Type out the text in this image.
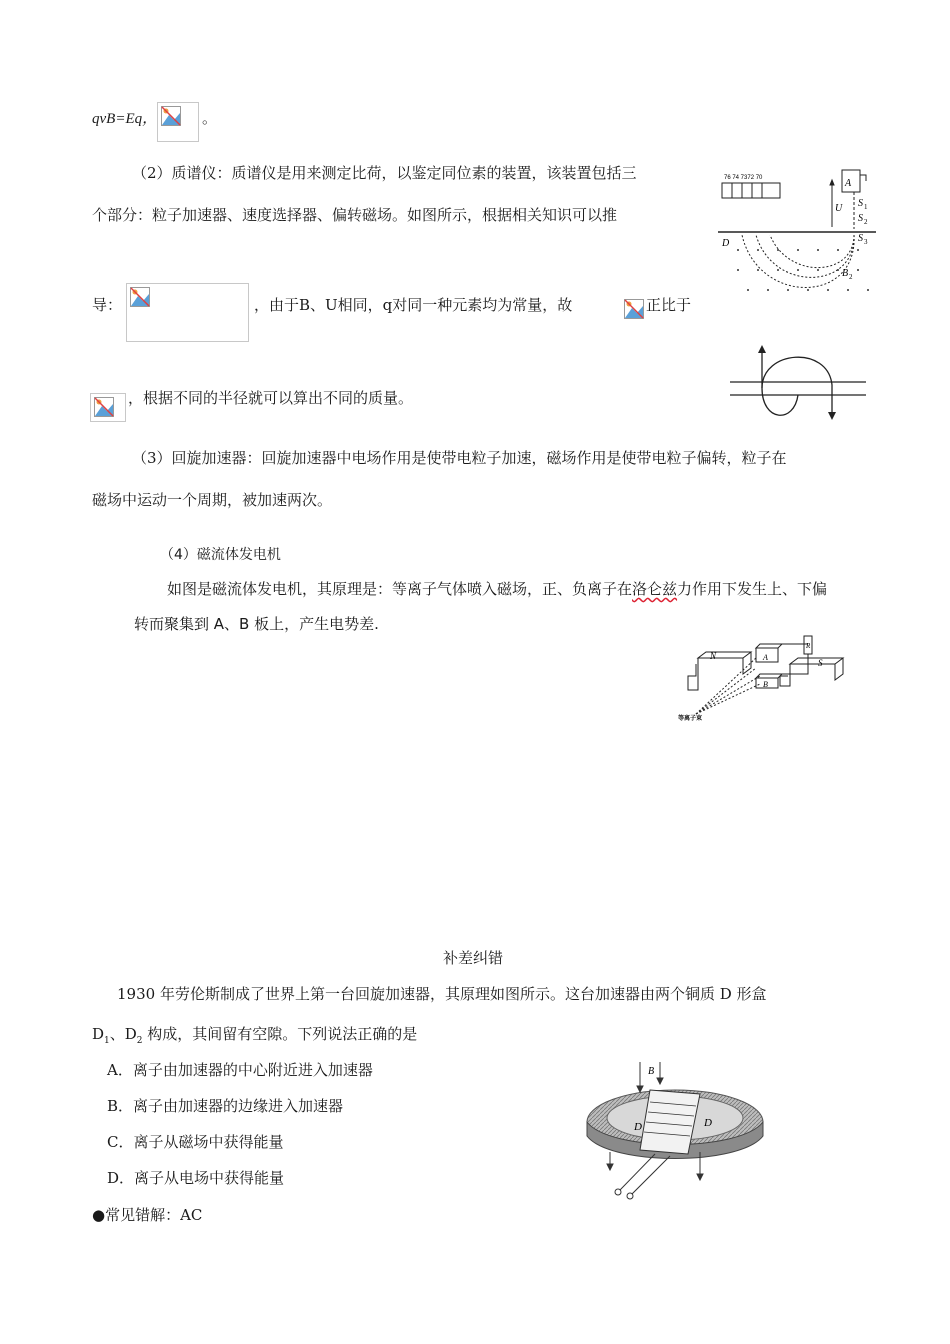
qvB=Eq，	。
（2）质谱仪：质谱仪是用来测定比荷，以鉴定同位素的装置，该装置包括三
个部分：粒子加速器、速度选择器、偏转磁场。如图所示，根据相关知识可以推
导：	，由于B、U相同，q对同一种元素均为常量，故	正比于
，根据不同的半径就可以算出不同的质量。
76 74 7372 70	A
U S 1
S 2
S 3
D
B 2
（3）回旋加速器：回旋加速器中电场作用是使带电粒子加速，磁场作用是使带电粒子偏转，粒子在
磁场中运动一个周期，被加速两次。
（4）磁流体发电机
如图是磁流体发电机，其原理是：等离子气体喷入磁场，正、负离子在洛仑兹力作用下发生上、下偏
转而聚集到 A、B 板上，产生电势差.
N
S
A
B
R
等离子束
补差纠错
1930 年劳伦斯制成了世界上第一台回旋加速器，其原理如图所示。这台加速器由两个铜质 D 形盒
$D_1$、$D_2$ 构成，其间留有空隙。下列说法正确的是
A．离子由加速器的中心附近进入加速器
B．离子由加速器的边缘进入加速器
C．离子从磁场中获得能量
D．离子从电场中获得能量
●常见错解：AC
B
D	D
